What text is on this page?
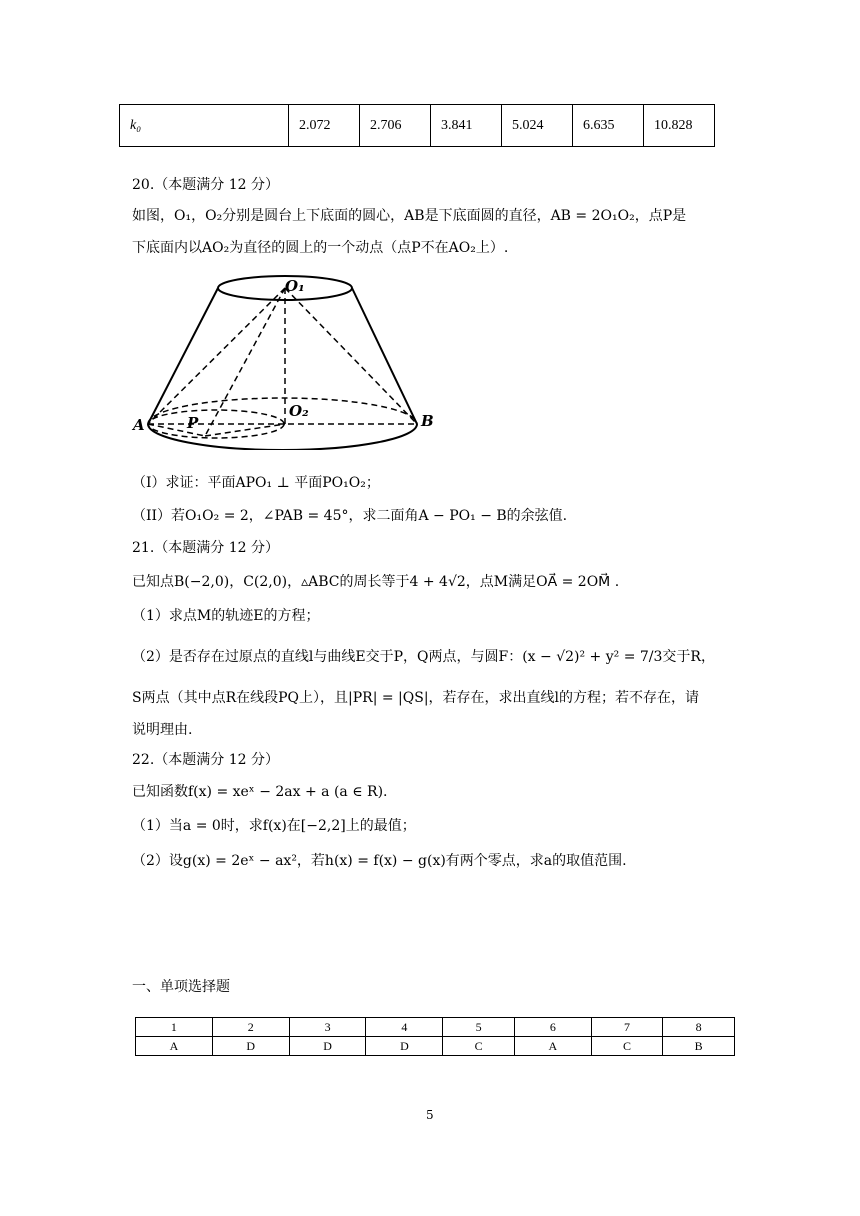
k₀	2.072	2.706	3.841	5.024	6.635	10.828
20.（本题满分 12 分）
如图，O₁，O₂分别是圆台上下底面的圆心，AB是下底面圆的直径，AB = 2O₁O₂，点P是
下底面内以AO₂为直径的圆上的一个动点（点P不在AO₂上）.
O₁
O₂
A	B
P
（I）求证：平面APO₁ ⊥ 平面PO₁O₂；
（II）若O₁O₂ = 2，∠PAB = 45°，求二面角A − PO₁ − B的余弦值.
21.（本题满分 12 分）
已知点B(−2,0)，C(2,0)，▵ABC的周长等于4 + 4√2，点M满足OA⃗ = 2OM⃗ .
（1）求点M的轨迹E的方程；
（2）是否存在过原点的直线l与曲线E交于P，Q两点，与圆F：(x − √2)² + y² = 7/3交于R，
S两点（其中点R在线段PQ上），且|PR| = |QS|，若存在，求出直线l的方程；若不存在，请
说明理由.
22.（本题满分 12 分）
已知函数f(x) = xeˣ − 2ax + a (a ∈ R).
（1）当a = 0时，求f(x)在[−2,2]上的最值；
（2）设g(x) = 2eˣ − ax²，若h(x) = f(x) − g(x)有两个零点，求a的取值范围.
一、单项选择题
1	2	3	4	5	6	7	8
A	D	D	D	C	A	C	B
5
